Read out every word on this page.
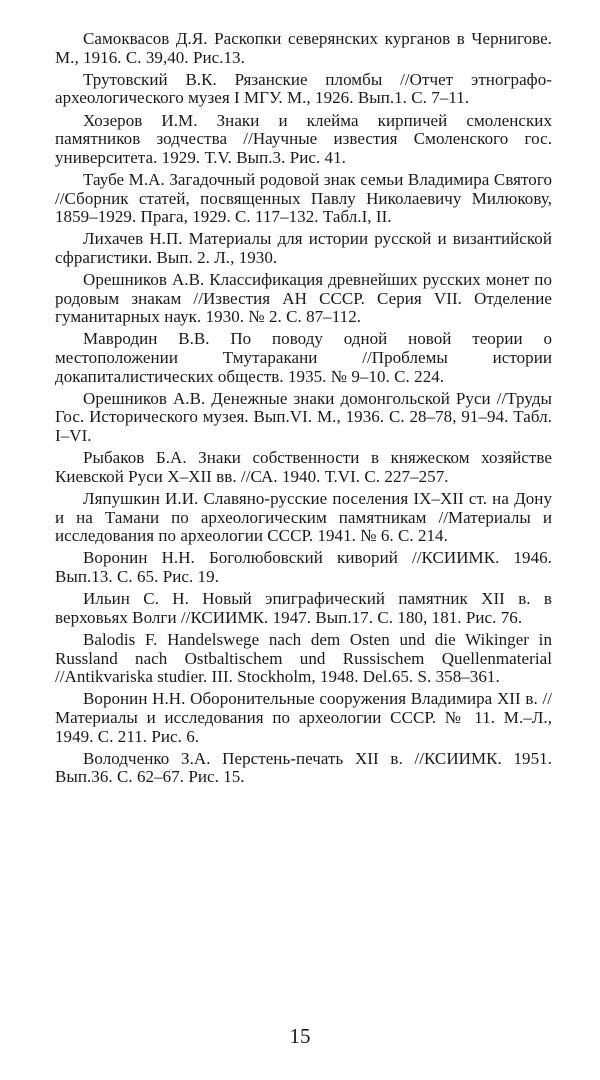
Самоквасов Д.Я. Раскопки северянских курганов в Чернигове. М., 1916. С. 39,40. Рис.13.

Трутовский В.К. Рязанские пломбы //Отчет этнографо-археологического музея I МГУ. М., 1926. Вып.1. С. 7–11.

Хозеров И.М. Знаки и клейма кирпичей смоленских памятников зодчества //Научные известия Смоленского гос. университета. 1929. Т.V. Вып.3. Рис. 41.

Таубе М.А. Загадочный родовой знак семьи Владимира Святого //Сборник статей, посвященных Павлу Николаевичу Милюкову, 1859–1929. Прага, 1929. С. 117–132. Табл.I, II.

Лихачев Н.П. Материалы для истории русской и византийской сфрагистики. Вып. 2. Л., 1930.

Орешников А.В. Классификация древнейших русских монет по родовым знакам //Известия АН СССР. Серия VII. Отделение гуманитарных наук. 1930. № 2. С. 87–112.

Мавродин В.В. По поводу одной новой теории о местоположении Тмутаракани //Проблемы истории докапиталистических обществ. 1935. № 9–10. С. 224.

Орешников А.В. Денежные знаки домонгольской Руси //Труды Гос. Исторического музея. Вып.VI. М., 1936. С. 28–78, 91–94. Табл. I–VI.

Рыбаков Б.А. Знаки собственности в княжеском хозяйстве Киевской Руси X–XII вв. //СА. 1940. Т.VI. С. 227–257.

Ляпушкин И.И. Славяно-русские поселения IX–XII ст. на Дону и на Тамани по археологическим памятникам //Материалы и исследования по археологии СССР. 1941. № 6. С. 214.

Воронин Н.Н. Боголюбовский киворий //КСИИМК. 1946. Вып.13. С. 65. Рис. 19.

Ильин С. Н. Новый эпиграфический памятник XII в. в верховьях Волги //КСИИМК. 1947. Вып.17. С. 180, 181. Рис. 76.

Balodis F. Handelswege nach dem Osten und die Wikinger in Russland nach Ostbaltischem und Russischem Quellenmaterial //Antikvariska studier. III. Stockholm, 1948. Del.65. S. 358–361.

Воронин Н.Н. Оборонительные сооружения Владимира XII в. //Материалы и исследования по археологии СССР. № 11. М.–Л., 1949. С. 211. Рис. 6.

Володченко З.А. Перстень-печать XII в. //КСИИМК. 1951. Вып.36. С. 62–67. Рис. 15.

15
